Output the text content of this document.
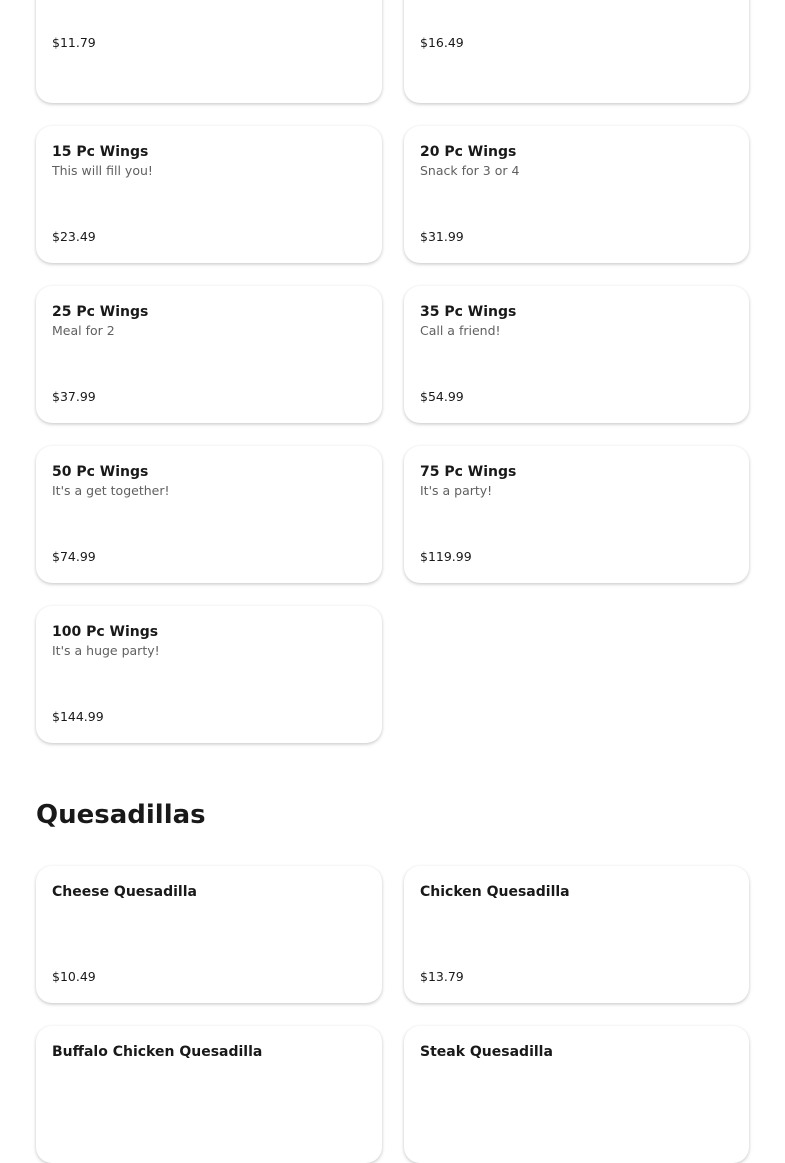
$11.79	$16.49
15 Pc Wings
This will fill you!
$23.49
20 Pc Wings
Snack for 3 or 4
$31.99
25 Pc Wings
Meal for 2
$37.99
35 Pc Wings
Call a friend!
$54.99
50 Pc Wings
It's a get together!
$74.99
75 Pc Wings
It's a party!
$119.99
100 Pc Wings
It's a huge party!
$144.99
Quesadillas
Cheese Quesadilla
$10.49
Chicken Quesadilla
$13.79
Buffalo Chicken Quesadilla	Steak Quesadilla
